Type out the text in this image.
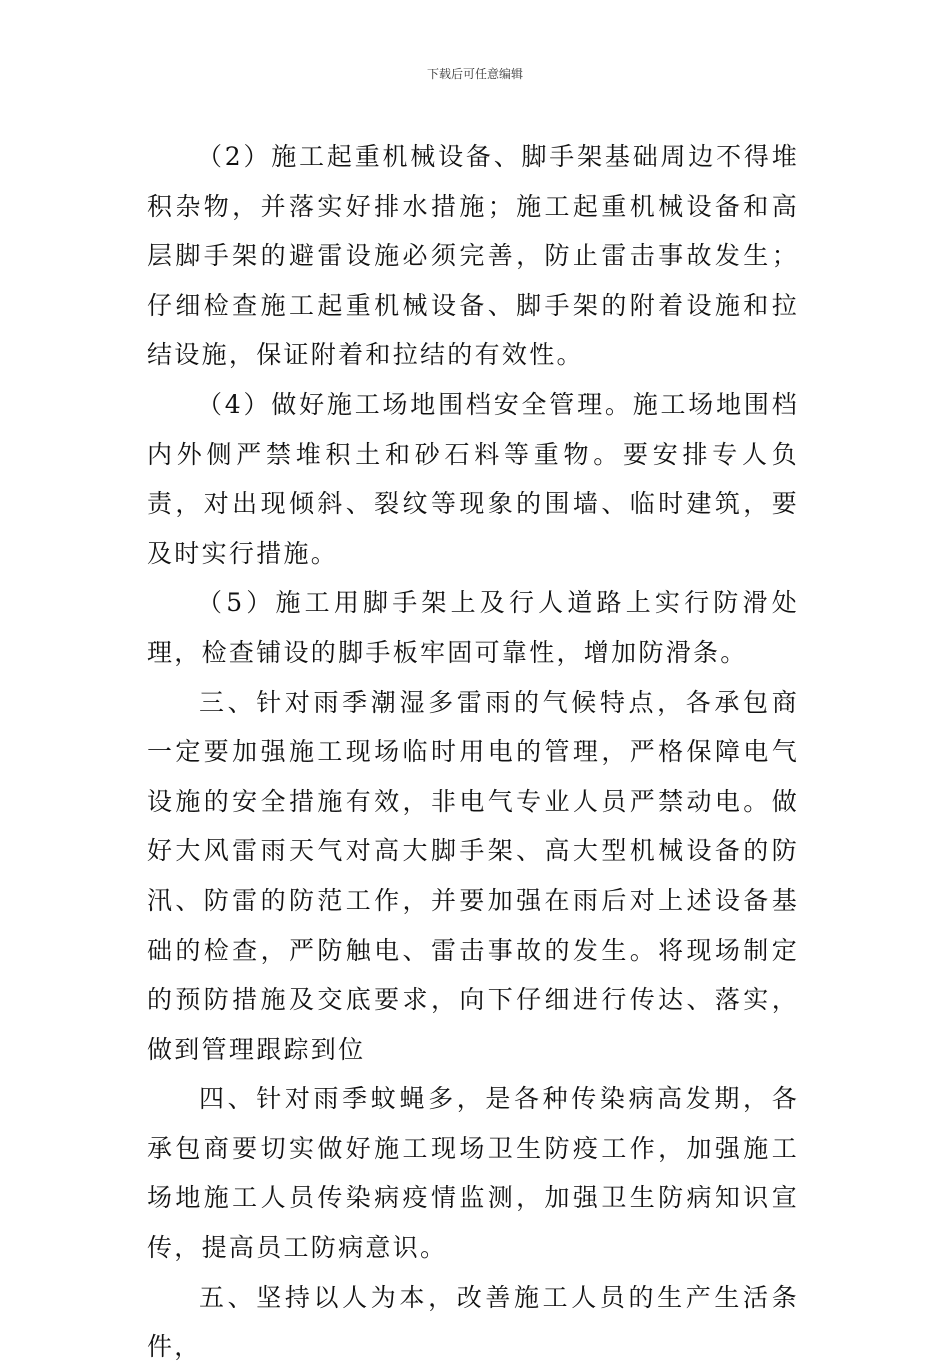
下载后可任意编辑

（2）施工起重机械设备、脚手架基础周边不得堆积杂物，并落实好排水措施；施工起重机械设备和高层脚手架的避雷设施必须完善，防止雷击事故发生；仔细检查施工起重机械设备、脚手架的附着设施和拉结设施，保证附着和拉结的有效性。

（4）做好施工场地围档安全管理。施工场地围档内外侧严禁堆积土和砂石料等重物。要安排专人负责，对出现倾斜、裂纹等现象的围墙、临时建筑，要及时实行措施。

（5）施工用脚手架上及行人道路上实行防滑处理，检查铺设的脚手板牢固可靠性，增加防滑条。

三、针对雨季潮湿多雷雨的气候特点，各承包商一定要加强施工现场临时用电的管理，严格保障电气设施的安全措施有效，非电气专业人员严禁动电。做好大风雷雨天气对高大脚手架、高大型机械设备的防汛、防雷的防范工作，并要加强在雨后对上述设备基础的检查，严防触电、雷击事故的发生。将现场制定的预防措施及交底要求，向下仔细进行传达、落实，做到管理跟踪到位

四、针对雨季蚊蝇多，是各种传染病高发期，各承包商要切实做好施工现场卫生防疫工作，加强施工场地施工人员传染病疫情监测，加强卫生防病知识宣传，提高员工防病意识。

五、坚持以人为本，改善施工人员的生产生活条件，
